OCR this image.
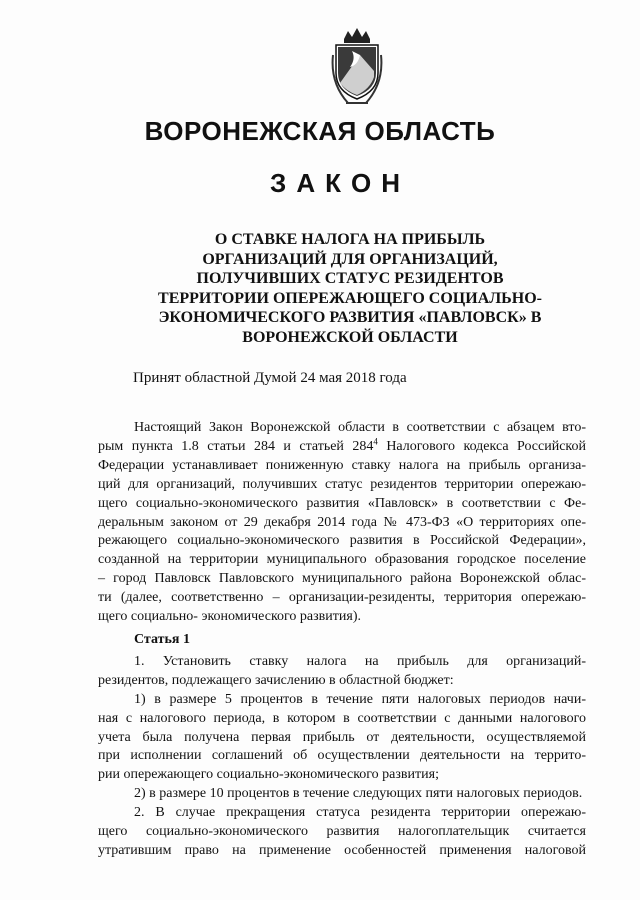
ВОРОНЕЖСКАЯ ОБЛАСТЬ
ЗАКОН
О СТАВКЕ НАЛОГА НА ПРИБЫЛЬ
ОРГАНИЗАЦИЙ ДЛЯ ОРГАНИЗАЦИЙ,
ПОЛУЧИВШИХ СТАТУС РЕЗИДЕНТОВ
ТЕРРИТОРИИ ОПЕРЕЖАЮЩЕГО СОЦИАЛЬНО-
ЭКОНОМИЧЕСКОГО РАЗВИТИЯ «ПАВЛОВСК» В
ВОРОНЕЖСКОЙ ОБЛАСТИ
Принят областной Думой 24 мая 2018 года
Настоящий Закон Воронежской области в соответствии с абзацем вто-
рым пункта 1.8 статьи 284 и статьей $284^4$ Налогового кодекса Российской
Федерации устанавливает пониженную ставку налога на прибыль организа-
ций для организаций, получивших статус резидентов территории опережаю-
щего социально-экономического развития «Павловск» в соответствии с Фе-
деральным законом от 29 декабря 2014 года № 473-ФЗ «О территориях опе-
режающего социально-экономического развития в Российской Федерации»,
созданной на территории муниципального образования городское поселение
– город Павловск Павловского муниципального района Воронежской облас-
ти (далее, соответственно – организации-резиденты, территория опережаю-
щего социально- экономического развития).
Статья 1
1. Установить ставку налога на прибыль для организаций-
резидентов, подлежащего зачислению в областной бюджет:
1) в размере 5 процентов в течение пяти налоговых периодов начи-
ная с налогового периода, в котором в соответствии с данными налогового
учета была получена первая прибыль от деятельности, осуществляемой
при исполнении соглашений об осуществлении деятельности на террито-
рии опережающего социально-экономического развития;
2) в размере 10 процентов в течение следующих пяти налоговых периодов.
2. В случае прекращения статуса резидента территории опережаю-
щего социально-экономического развития налогоплательщик считается
утратившим право на применение особенностей применения налоговой
